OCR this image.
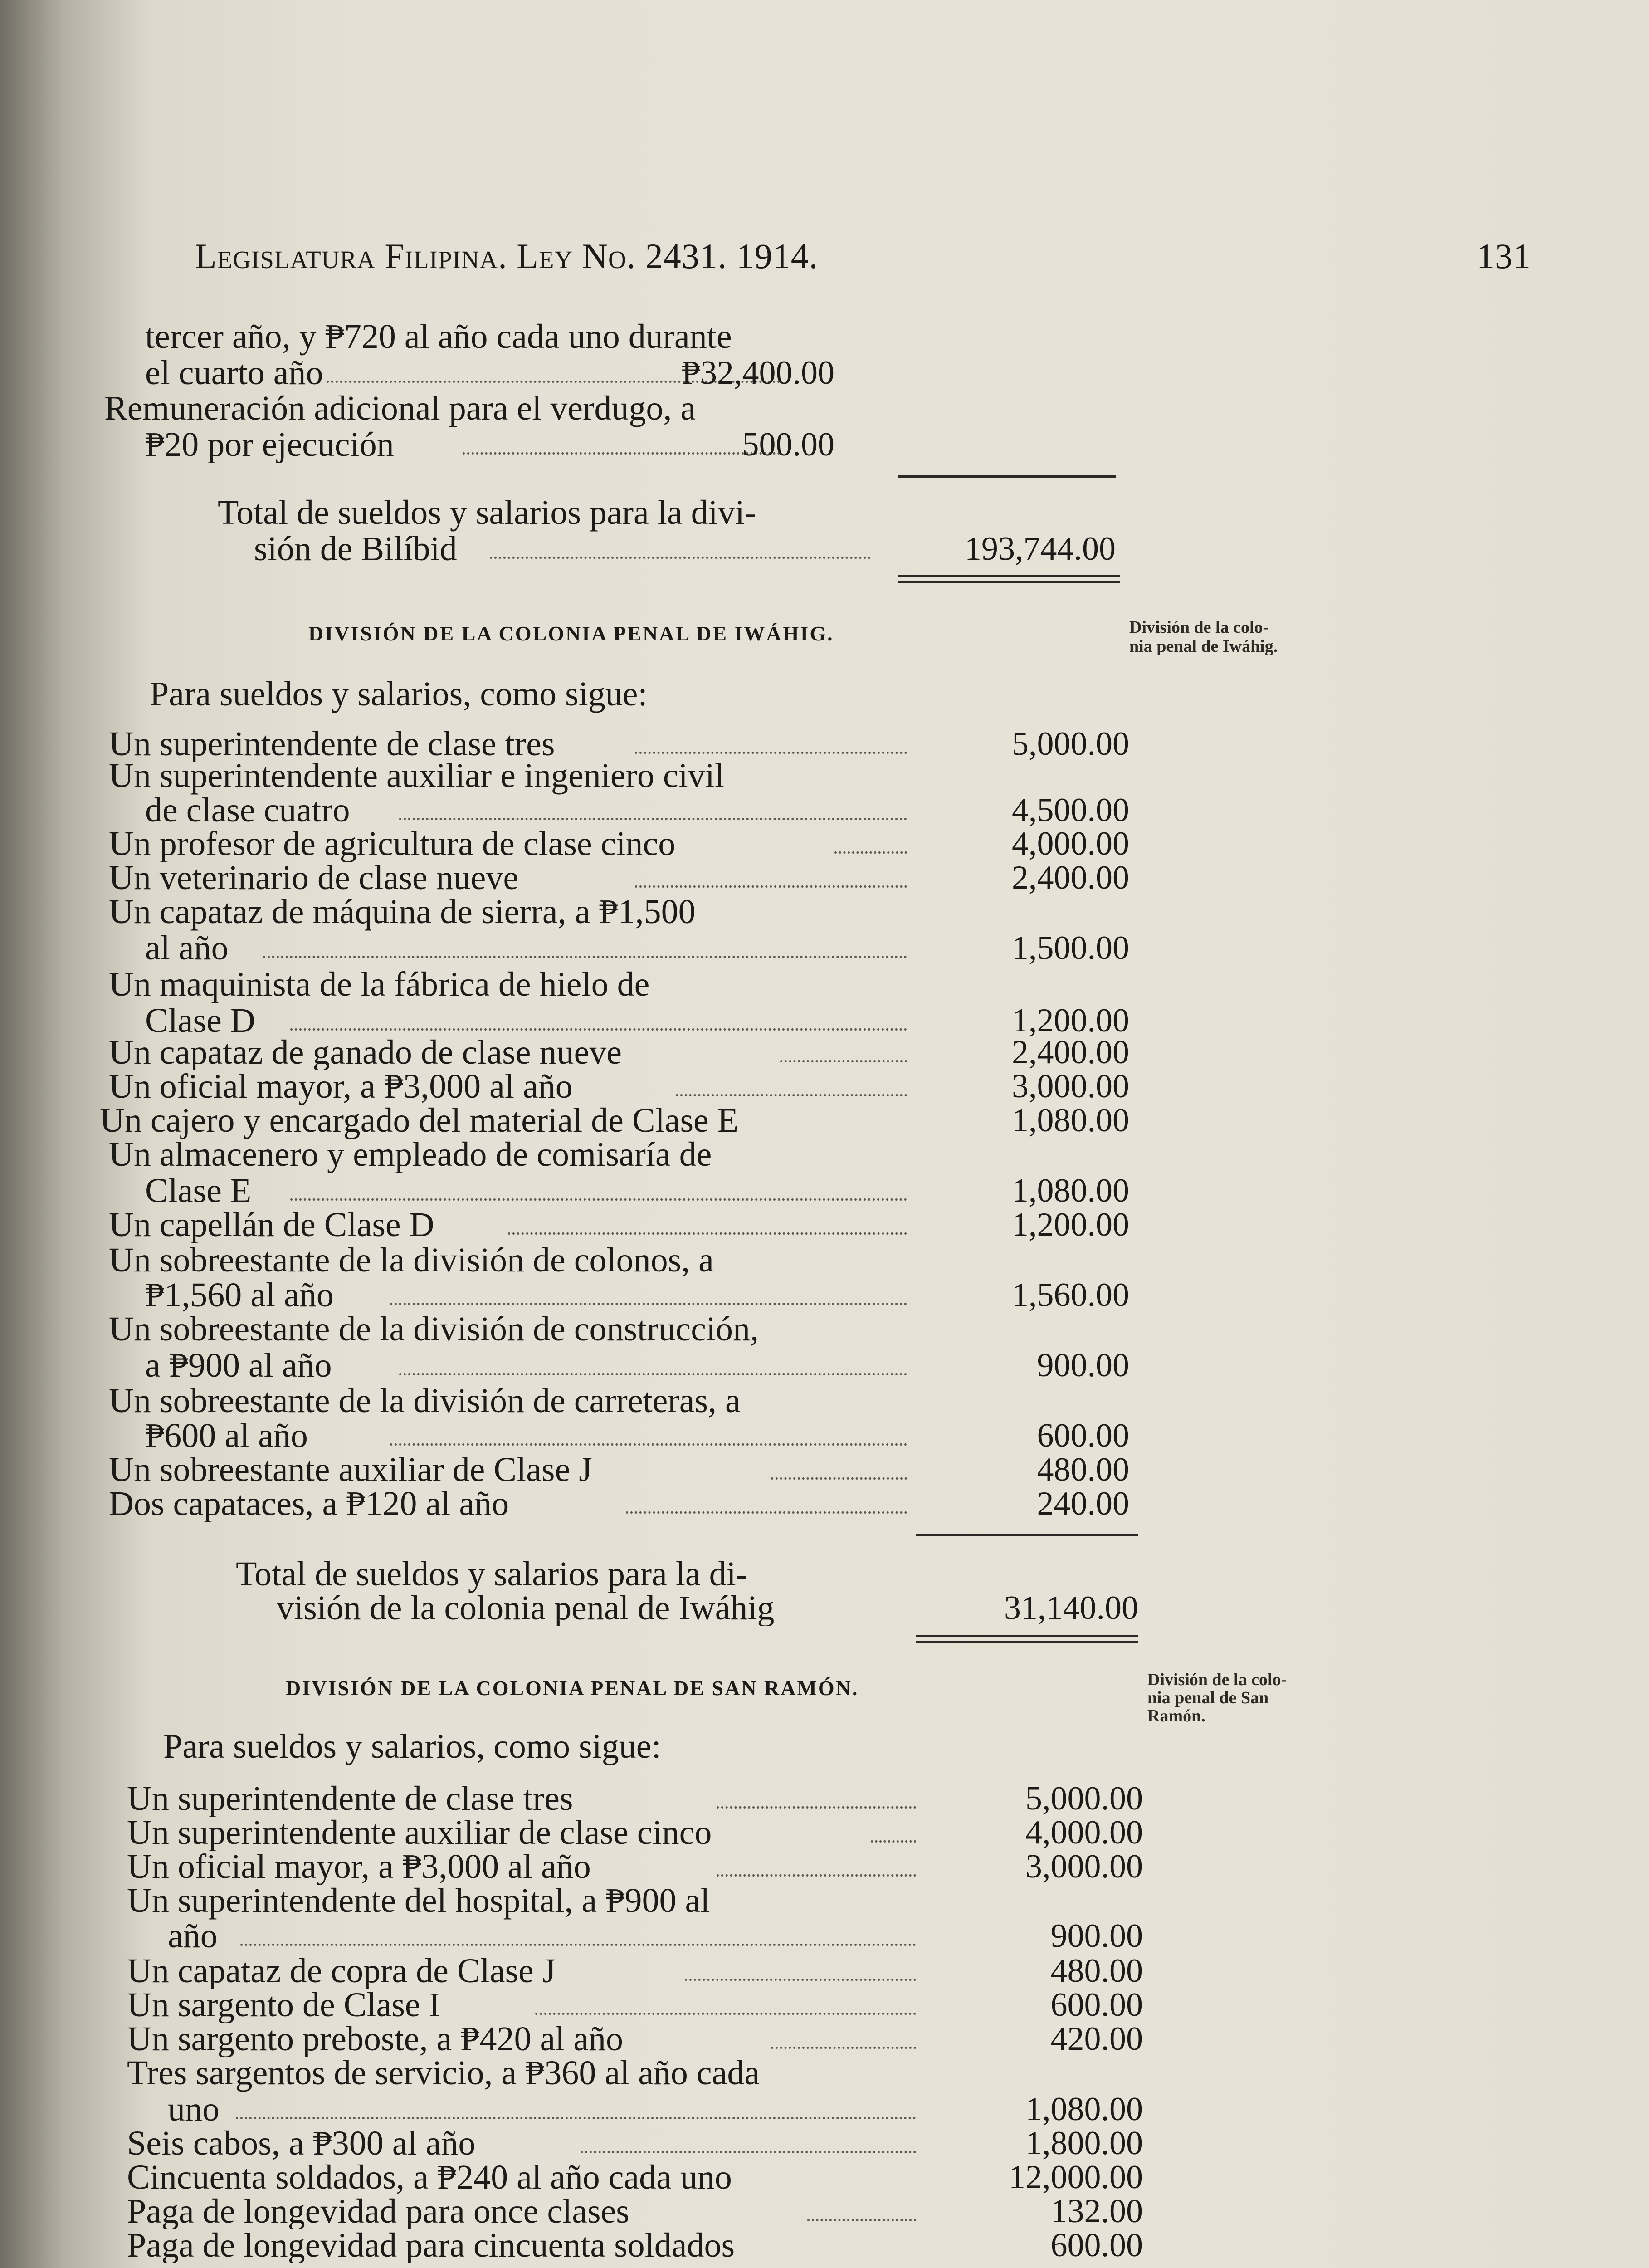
Legislatura Filipina. Ley No. 2431. 1914.	131
tercer año, y ₱720 al año cada uno durante
el cuarto año	₱32,400.00
Remuneración adicional para el verdugo, a
₱20 por ejecución	500.00
Total de sueldos y salarios para la divi-
sión de Bilíbid	193,744.00
DIVISIÓN DE LA COLONIA PENAL DE IWÁHIG.	División de la colo-
nia penal de Iwáhig.
Para sueldos y salarios, como sigue:
Un superintendente de clase tres	5,000.00
Un superintendente auxiliar e ingeniero civil
de clase cuatro	4,500.00
Un profesor de agricultura de clase cinco	4,000.00
Un veterinario de clase nueve	2,400.00
Un capataz de máquina de sierra, a ₱1,500
al año	1,500.00
Un maquinista de la fábrica de hielo de
Clase D	1,200.00
Un capataz de ganado de clase nueve	2,400.00
Un oficial mayor, a ₱3,000 al año	3,000.00
Un cajero y encargado del material de Clase E	1,080.00
Un almacenero y empleado de comisaría de
Clase E	1,080.00
Un capellán de Clase D	1,200.00
Un sobreestante de la división de colonos, a
₱1,560 al año	1,560.00
Un sobreestante de la división de construcción,
a ₱900 al año	900.00
Un sobreestante de la división de carreteras, a
₱600 al año	600.00
Un sobreestante auxiliar de Clase J	480.00
Dos capataces, a ₱120 al año	240.00
Total de sueldos y salarios para la di-
visión de la colonia penal de Iwáhig	31,140.00
DIVISIÓN DE LA COLONIA PENAL DE SAN RAMÓN.	División de la colo-
nia penal de San
Ramón.
Para sueldos y salarios, como sigue:
Un superintendente de clase tres	5,000.00
Un superintendente auxiliar de clase cinco	4,000.00
Un oficial mayor, a ₱3,000 al año	3,000.00
Un superintendente del hospital, a ₱900 al
año	900.00
Un capataz de copra de Clase J	480.00
Un sargento de Clase I	600.00
Un sargento preboste, a ₱420 al año	420.00
Tres sargentos de servicio, a ₱360 al año cada
uno	1,080.00
Seis cabos, a ₱300 al año	1,800.00
Cincuenta soldados, a ₱240 al año cada uno	12,000.00
Paga de longevidad para once clases	132.00
Paga de longevidad para cincuenta soldados	600.00
